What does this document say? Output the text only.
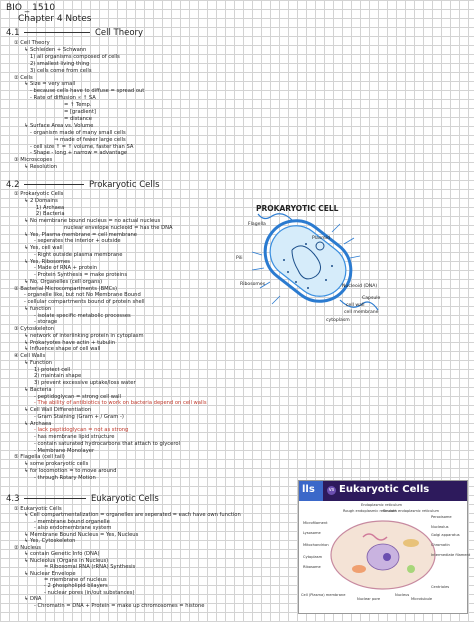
BIO _ 1510
Chapter 4 Notes
4.1	Cell Theory
① Cell Theory
↳ Schleiden + Schwann
1) all organisms composed of cells
2) smallest living thing
3) cells come from cells
② Cells
↳ Size = very small
- because cells have to diffuse = spread out
- Rate of diffusion ∝ ↑ SA
= ↑ Temp.
= [gradient]
= distance
↳ Surface Area vs. Volume
- organism made of many small cells
⇒ made of fewer large cells
- cell size ↑ = ↑ volume, faster than SA
- Shape - long + narrow = advantage
③ Microscopes
↳ Resolution
4.2	Prokaryotic Cells
① Prokaryotic Cells
↳ 2 Domains
1) Archaea
2) Bacteria
↳ No membrane bound nucleus = no actual nucleus
nuclear envelope nucleoid = has the DNA
↳ Yes, Plasma membrane = cell membrane
- seperates the interior + outside
↳ Yes, cell wall
- Right outside plasma membrane
↳ Yes, Ribosomes
- Made of RNA + protein
- Protein Synthesis = make proteins
↳ No, Organelles (cell organs)
② Bacterial Microcompartments (BMCs)
- organelle like, but not No Membrane Bound
- cellular compartments bound of protein shell
↳ function
- isolate specific metabolic processes
- storage
③ Cytoskeleton
↳ network of interlinking protein in cytoplasm
↳ Prokaryotes have actin + tubulin
↳ Influence shape of cell wall
④ Cell Walls
↳ Function
1) protect cell
2) maintain shape
3) prevent excessive uptake/loss water
↳ Bacteria
- peptidoglycan = strong cell wall
- The ability of antibiotics to work on bacteria depend on cell walls
↳ Cell Wall Differentiation
- Gram Staining (Gram + / Gram -)
↳ Archaea
- lack peptidoglycan = not as strong
- has membrane lipid structure
- contain saturated hydrocarbons that attach to glycerol
- Membrane Monolayer
⑤ Flagella (cell tail)
↳ some prokaryotic cells
↳ for locomotion = to move around
- through Rotary Motion
4.3	Eukaryotic Cells
① Eukaryotic Cells
↳ Cell compartmentalization = organelles are seperated = each have own function
- membrane bound organelle
- also endomembrane system
↳ Membrane Bound Nucleus = Yes, Nucleus
↳ Yes, Cytoskeleton
② Nucleus
↳ contain Genetic Info (DNA)
↳ Nucleolus (Organs in Nucleus)
= Ribosomal RNA (rRNA) Synthesis
↳ Nuclear Envelope
= membrane of nucleus
- 2 phospholipid bilayers
- nuclear pores (in/out substances)
↳ DNA
- Chromatin = DNA + Protein = make up chromosomes = histone
PROKARYOTIC CELL
Flagella
Plasmid
Pili
Ribosomes	Nucleoid (DNA)
Capsule
cell wall
cell membrane
cytoplasm
lls	vs Eukaryotic Cells
Endoplasmic reticulum
Rough endoplasmic reticulum
Smooth endoplasmic reticulum
Peroxisome
Microfilament
Nucleolus
Golgi apparatus
Lysosome
Mitochondrion	Chromatin
Cytoplasm	Intermediate filament
Ribosome
Nucleus
Cell (Plasma) membrane
Microtubule
Centrioles
Nuclear pore
